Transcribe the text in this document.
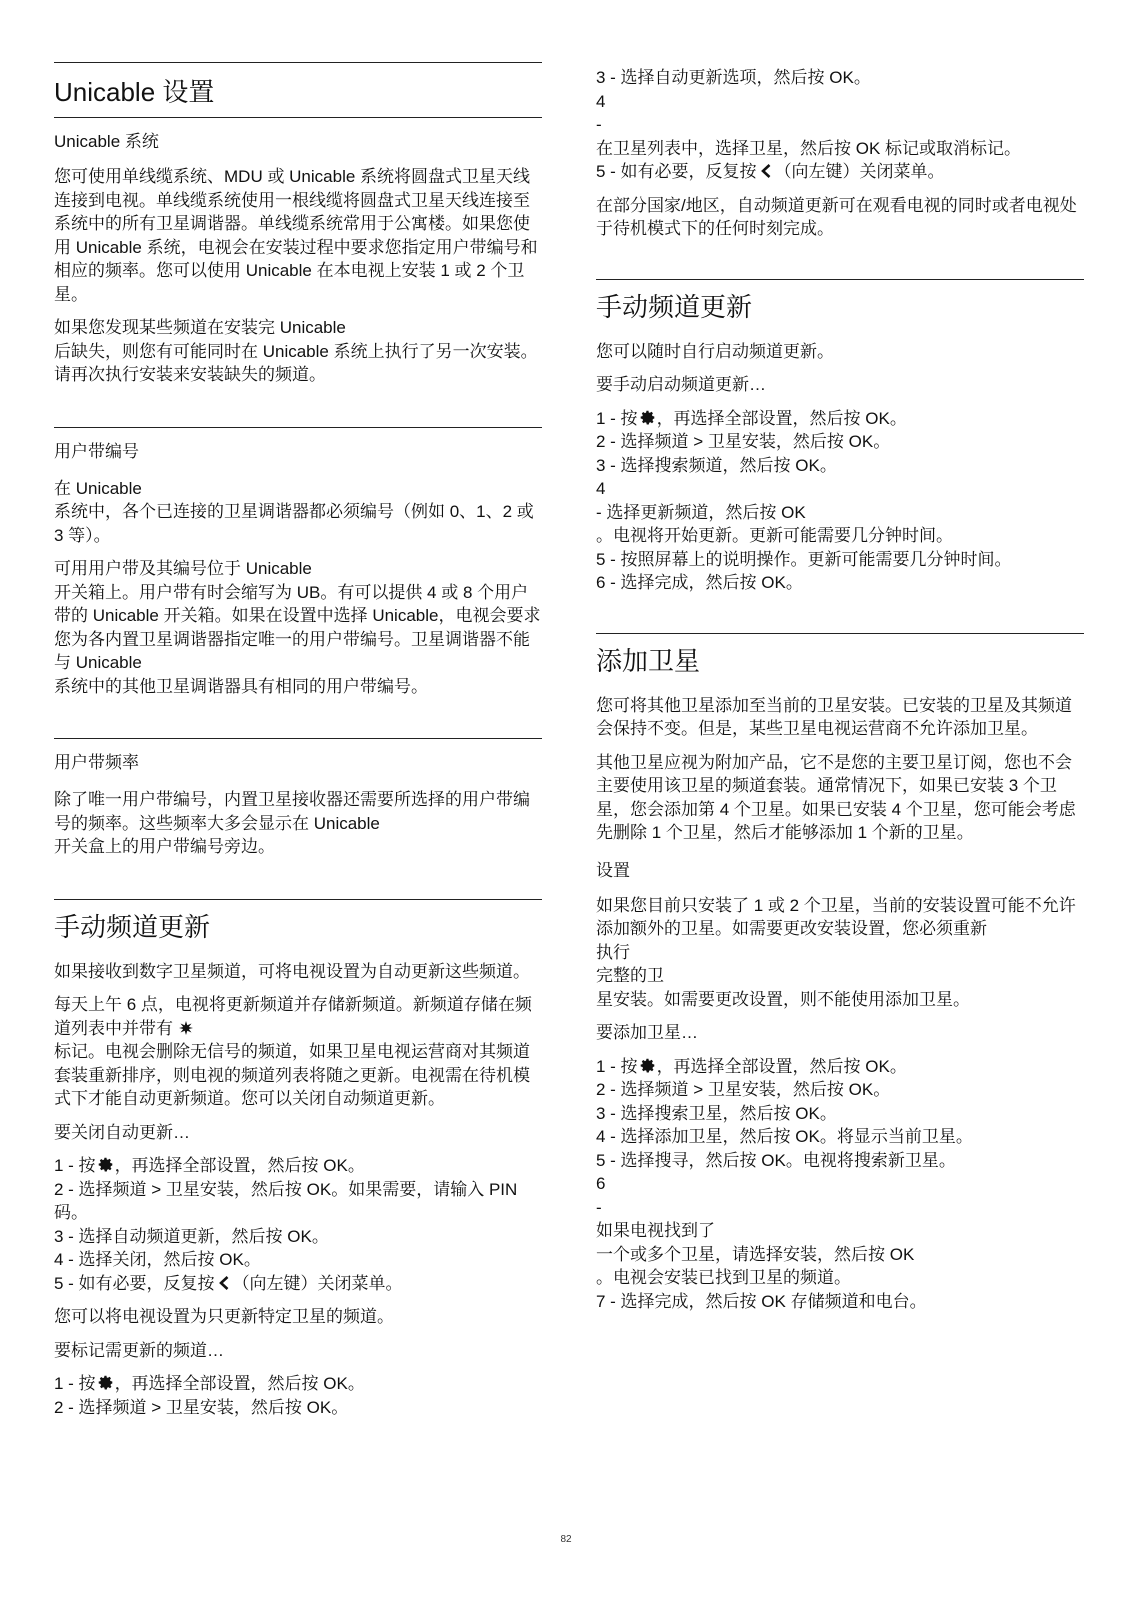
Unicable 设置
Unicable 系统

您可使用单线缆系统、MDU 或 Unicable 系统将圆盘式卫星天线连接到电视。单线缆系统使用一根线缆将圆盘式卫星天线连接至系统中的所有卫星调谐器。单线缆系统常用于公寓楼。如果您使用 Unicable 系统，电视会在安装过程中要求您指定用户带编号和相应的频率。您可以使用 Unicable 在本电视上安装 1 或 2 个卫星。

如果您发现某些频道在安装完 Unicable
后缺失，则您有可能同时在 Unicable 系统上执行了另一次安装。请再次执行安装来安装缺失的频道。

用户带编号

在 Unicable
系统中，各个已连接的卫星调谐器都必须编号（例如 0、1、2 或 3 等）。

可用用户带及其编号位于 Unicable
开关箱上。用户带有时会缩写为 UB。有可以提供 4 或 8 个用户带的 Unicable 开关箱。如果在设置中选择 Unicable，电视会要求您为各内置卫星调谐器指定唯一的用户带编号。卫星调谐器不能与 Unicable
系统中的其他卫星调谐器具有相同的用户带编号。

用户带频率

除了唯一用户带编号，内置卫星接收器还需要所选择的用户带编号的频率。这些频率大多会显示在 Unicable
开关盒上的用户带编号旁边。

手动频道更新

如果接收到数字卫星频道，可将电视设置为自动更新这些频道。

每天上午 6 点，电视将更新频道并存储新频道。新频道存储在频道列表中并带有
标记。电视会删除无信号的频道，如果卫星电视运营商对其频道套装重新排序，则电视的频道列表将随之更新。电视需在待机模式下才能自动更新频道。您可以关闭自动频道更新。

要关闭自动更新…

1 - 按 ，再选择全部设置，然后按 OK。
2 - 选择频道 > 卫星安装，然后按 OK。如果需要，请输入 PIN 码。
3 - 选择自动频道更新，然后按 OK。
4 - 选择关闭，然后按 OK。
5 - 如有必要，反复按 （向左键）关闭菜单。

您可以将电视设置为只更新特定卫星的频道。

要标记需更新的频道…

1 - 按 ，再选择全部设置，然后按 OK。
2 - 选择频道 > 卫星安装，然后按 OK。
3 - 选择自动更新选项，然后按 OK。
4
-
在卫星列表中，选择卫星，然后按 OK 标记或取消标记。
5 - 如有必要，反复按 （向左键）关闭菜单。

在部分国家/地区，自动频道更新可在观看电视的同时或者电视处于待机模式下的任何时刻完成。

手动频道更新

您可以随时自行启动频道更新。

要手动启动频道更新…

1 - 按 ，再选择全部设置，然后按 OK。
2 - 选择频道 > 卫星安装，然后按 OK。
3 - 选择搜索频道，然后按 OK。
4
- 选择更新频道，然后按 OK
。电视将开始更新。更新可能需要几分钟时间。
5 - 按照屏幕上的说明操作。更新可能需要几分钟时间。
6 - 选择完成，然后按 OK。
添加卫星

您可将其他卫星添加至当前的卫星安装。已安装的卫星及其频道会保持不变。但是，某些卫星电视运营商不允许添加卫星。

其他卫星应视为附加产品，它不是您的主要卫星订阅，您也不会主要使用该卫星的频道套装。通常情况下，如果已安装 3 个卫星，您会添加第 4 个卫星。如果已安装 4 个卫星，您可能会考虑先删除 1 个卫星，然后才能够添加 1 个新的卫星。

设置

如果您目前只安装了 1 或 2 个卫星，当前的安装设置可能不允许添加额外的卫星。如需要更改安装设置，您必须重新
执行
完整的卫
星安装。如需要更改设置，则不能使用添加卫星。

要添加卫星…

1 - 按 ，再选择全部设置，然后按 OK。
2 - 选择频道 > 卫星安装，然后按 OK。
3 - 选择搜索卫星，然后按 OK。
4 - 选择添加卫星，然后按 OK。将显示当前卫星。
5 - 选择搜寻，然后按 OK。电视将搜索新卫星。
6
-
如果电视找到了
一个或多个卫星，请选择安装，然后按 OK
。电视会安装已找到卫星的频道。
7 - 选择完成，然后按 OK 存储频道和电台。
82
